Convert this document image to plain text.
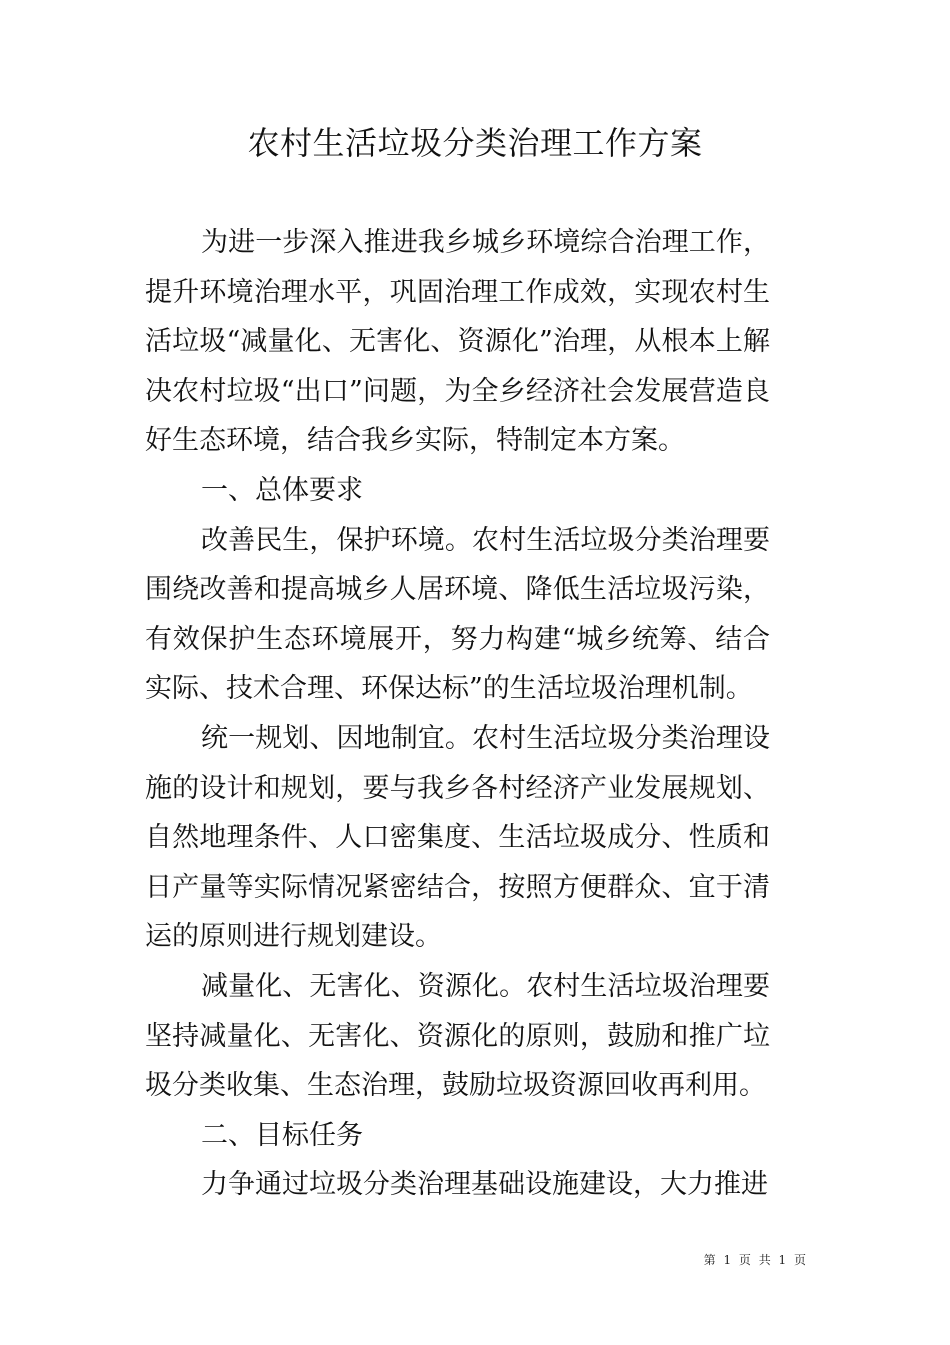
农村生活垃圾分类治理工作方案

为进一步深入推进我乡城乡环境综合治理工作，提升环境治理水平，巩固治理工作成效，实现农村生活垃圾“减量化、无害化、资源化”治理，从根本上解决农村垃圾“出口”问题，为全乡经济社会发展营造良好生态环境，结合我乡实际，特制定本方案。

一、总体要求

改善民生，保护环境。农村生活垃圾分类治理要围绕改善和提高城乡人居环境、降低生活垃圾污染，有效保护生态环境展开，努力构建“城乡统筹、结合实际、技术合理、环保达标”的生活垃圾治理机制。

统一规划、因地制宜。农村生活垃圾分类治理设施的设计和规划，要与我乡各村经济产业发展规划、自然地理条件、人口密集度、生活垃圾成分、性质和日产量等实际情况紧密结合，按照方便群众、宜于清运的原则进行规划建设。

减量化、无害化、资源化。农村生活垃圾治理要坚持减量化、无害化、资源化的原则，鼓励和推广垃圾分类收集、生态治理，鼓励垃圾资源回收再利用。

二、目标任务

力争通过垃圾分类治理基础设施建设，大力推进

第 1 页 共 1 页
